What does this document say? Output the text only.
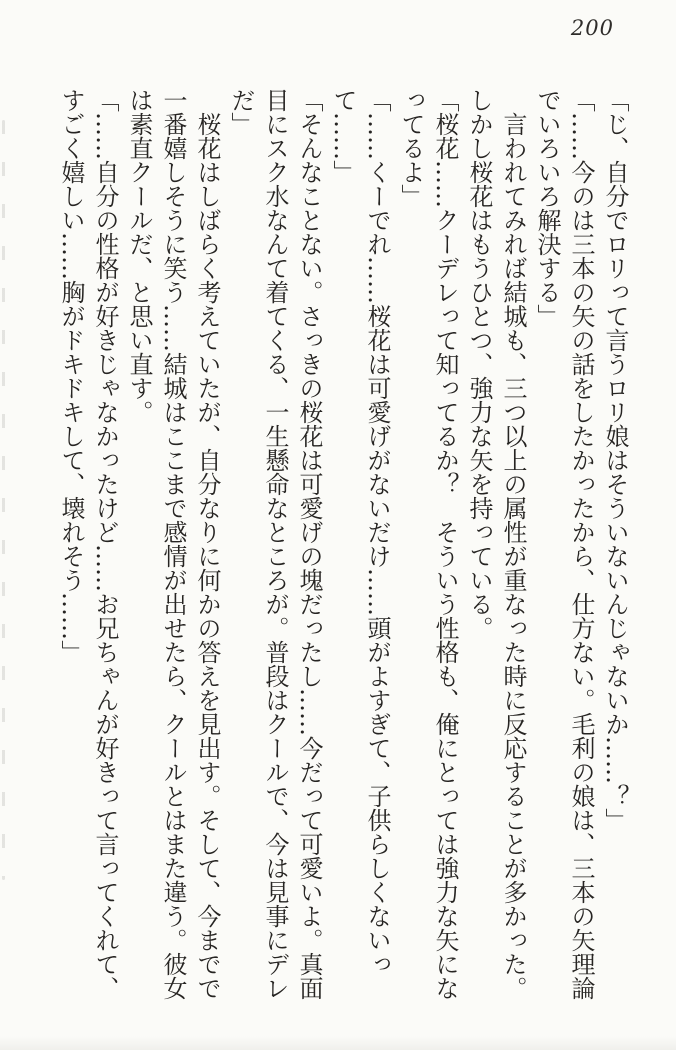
200

「じ、自分でロリって言うロリ娘はそういないんじゃないか……？」

「……今のは三本の矢の話をしたかったから、仕方ない。毛利の娘は、三本の矢理論でいろいろ解決する」

　言われてみれば結城も、三つ以上の属性が重なった時に反応することが多かった。しかし桜花はもうひとつ、強力な矢を持っている。

「桜花……クーデレって知ってるか？　そういう性格も、俺にとっては強力な矢になってるよ」

「……くーでれ……桜花は可愛げがないだけ……頭がよすぎて、子供らしくないって……」

「そんなことない。さっきの桜花は可愛げの塊だったし……今だって可愛いよ。真面目にスク水なんて着てくる、一生懸命なところが。普段はクールで、今は見事にデレだ」

　桜花はしばらく考えていたが、自分なりに何かの答えを見出す。そして、今までで一番嬉しそうに笑う……結城はここまで感情が出せたら、クールとはまた違う。彼女は素直クールだ、と思い直す。

「……自分の性格が好きじゃなかったけど……お兄ちゃんが好きって言ってくれて、すごく嬉しい……胸がドキドキして、壊れそう……」
